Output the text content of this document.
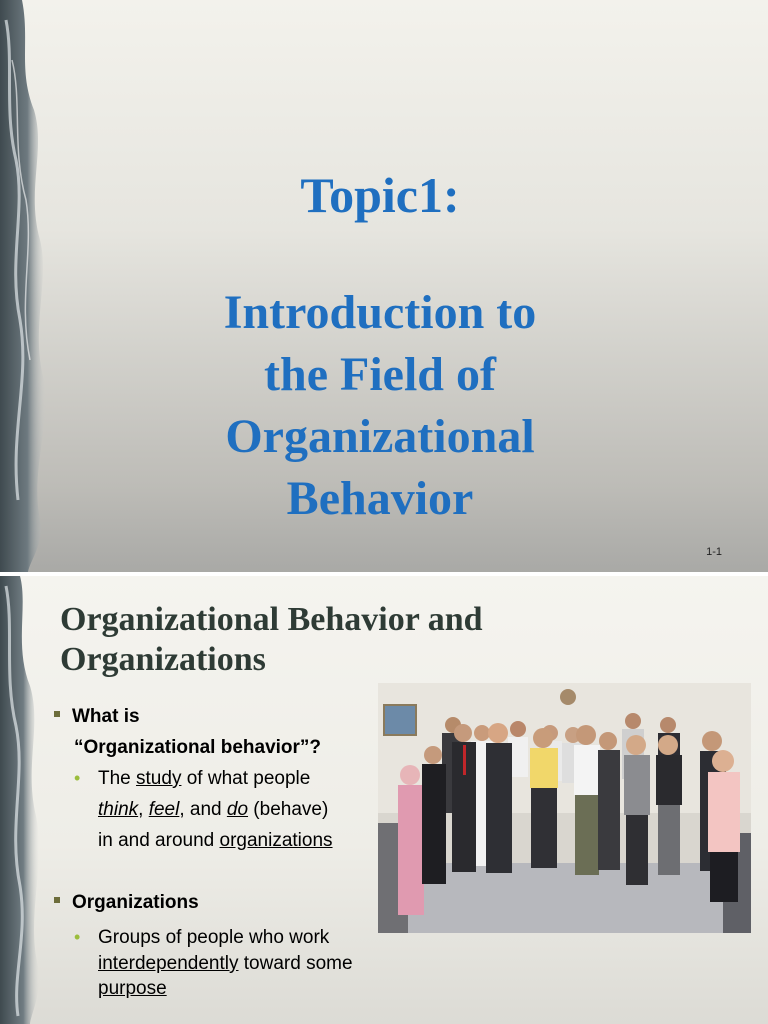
Topic1:
Introduction to
the Field of
Organizational
Behavior
1-1
Organizational Behavior and
Organizations
What is
“Organizational behavior”?
• The study of what people
think, feel, and do (behave)
in and around organizations
Organizations
• Groups of people who work
interdependently toward some
purpose
